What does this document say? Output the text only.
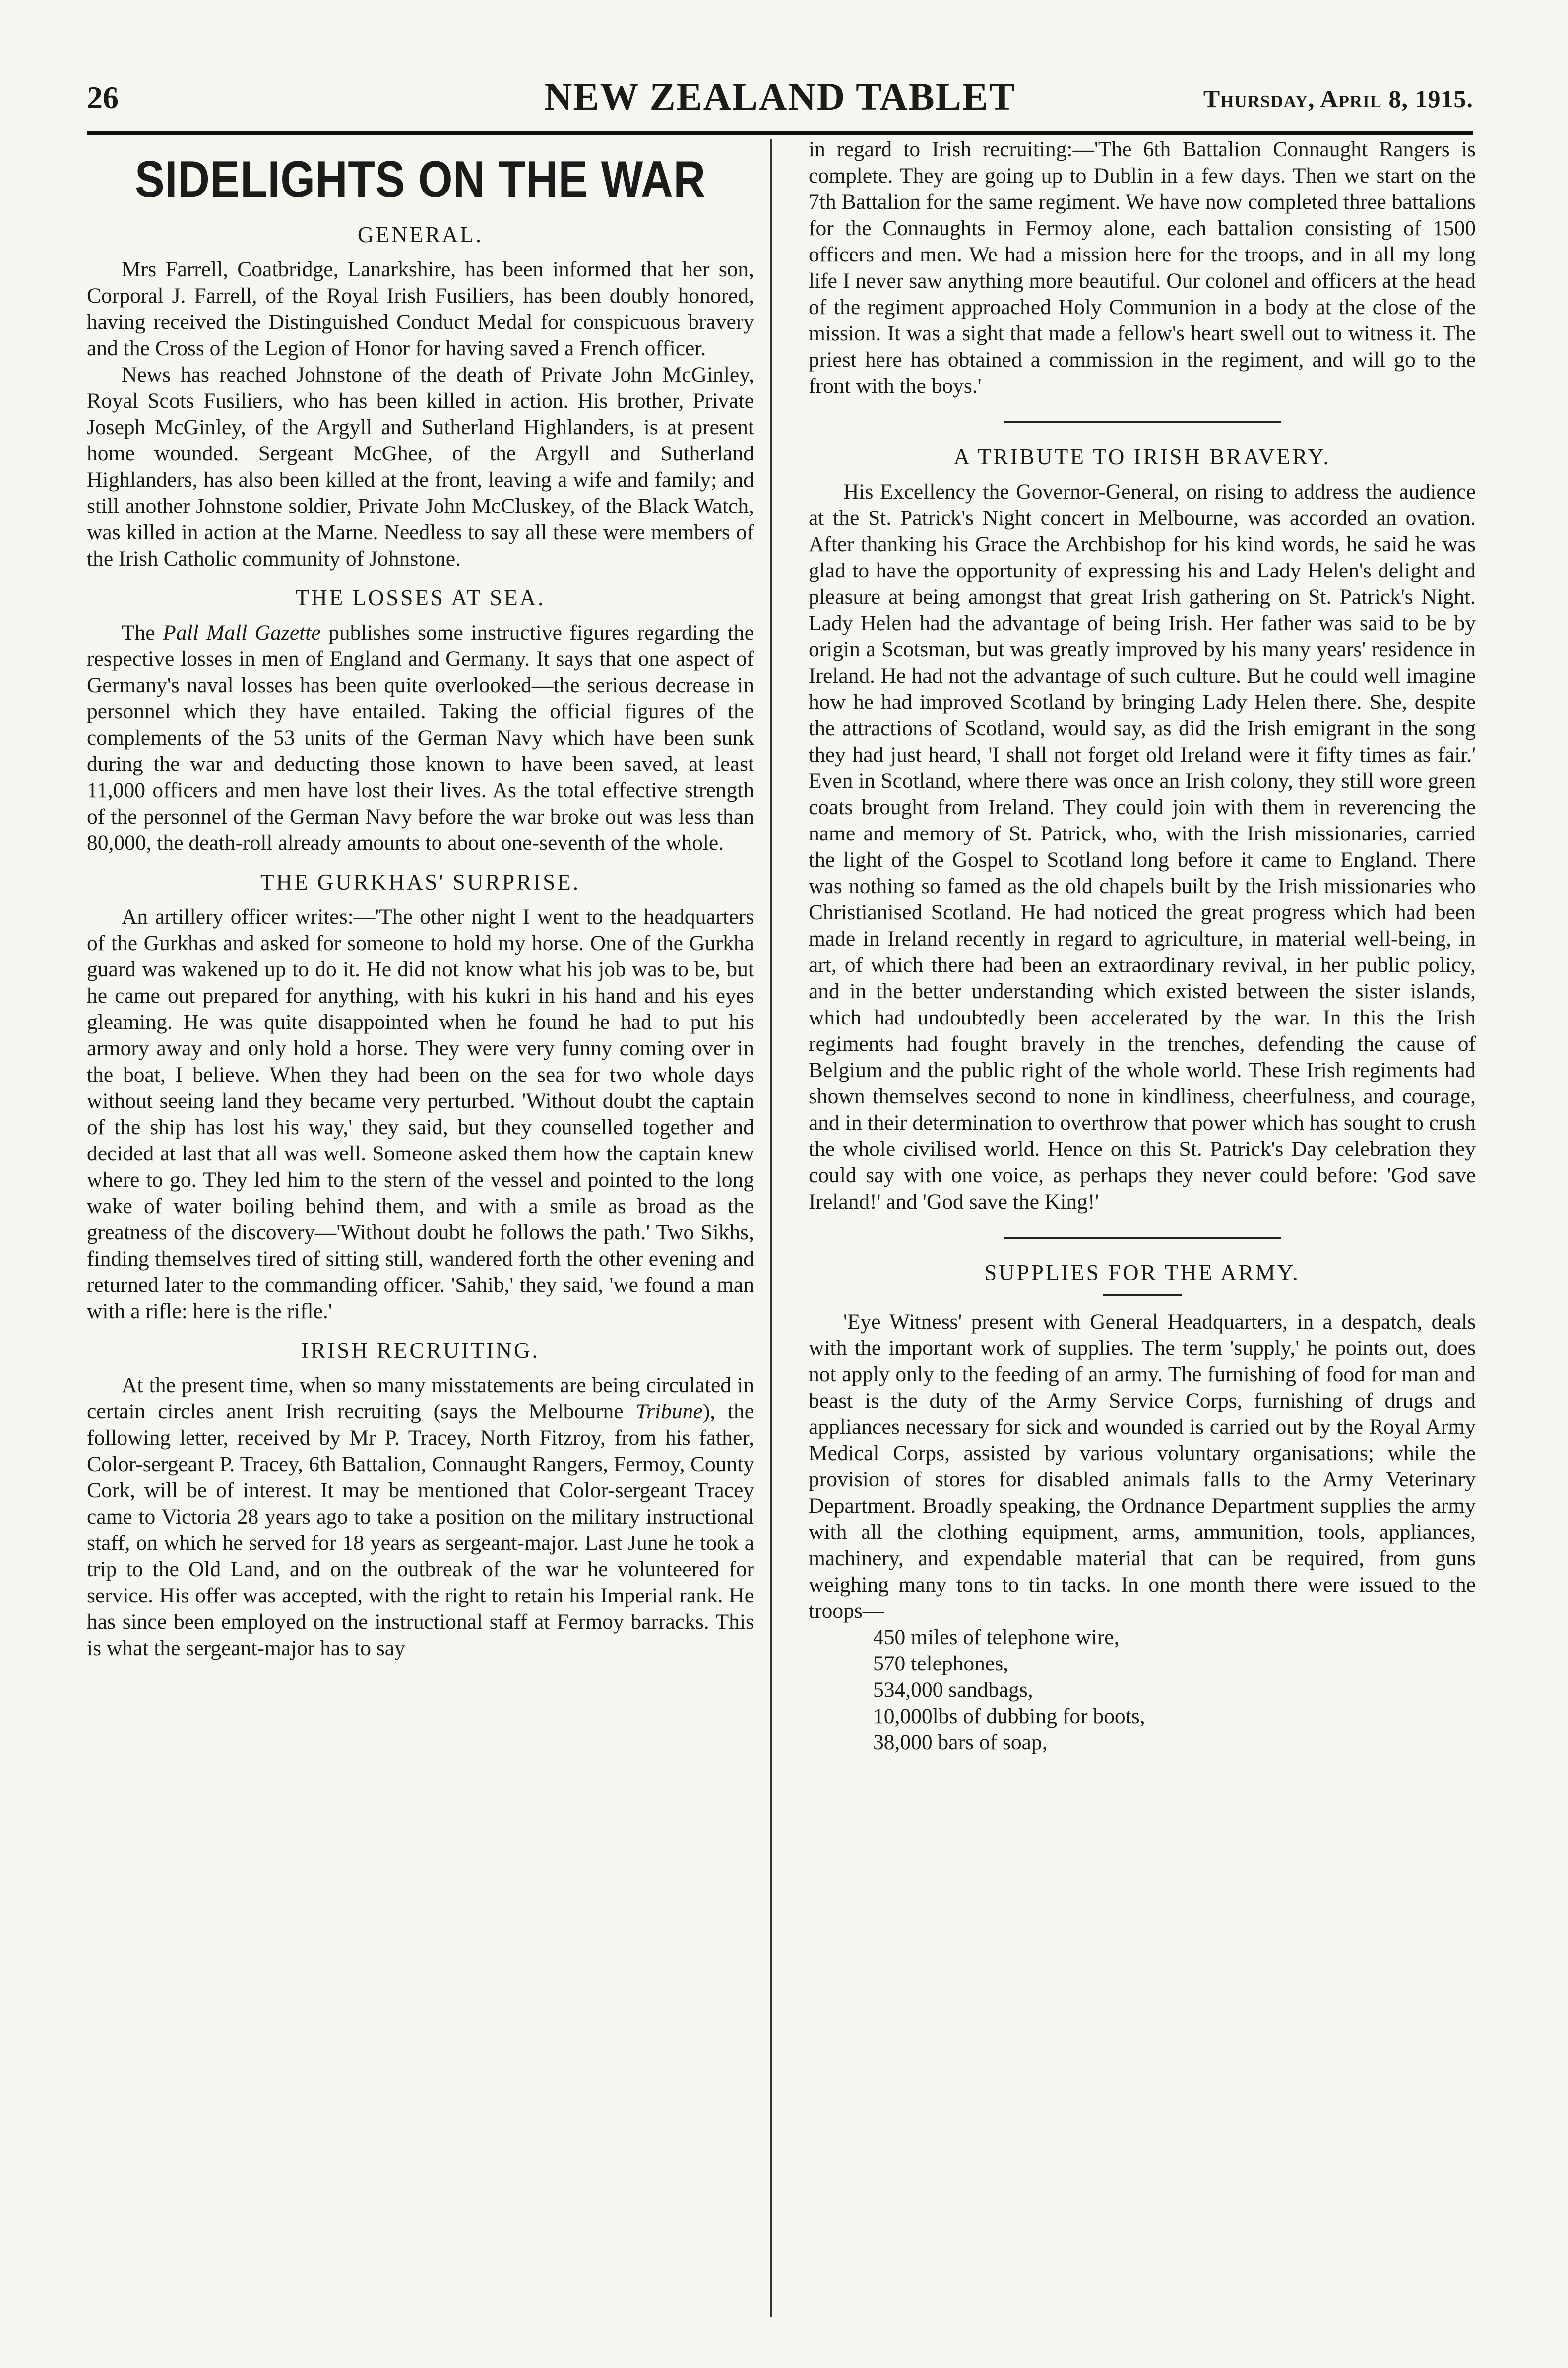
26	NEW ZEALAND TABLET	Thursday, April 8, 1915.
SIDELIGHTS ON THE WAR
GENERAL.

Mrs Farrell, Coatbridge, Lanarkshire, has been informed that her son, Corporal J. Farrell, of the Royal Irish Fusiliers, has been doubly honored, having received the Distinguished Conduct Medal for conspicuous bravery and the Cross of the Legion of Honor for having saved a French officer.

News has reached Johnstone of the death of Private John McGinley, Royal Scots Fusiliers, who has been killed in action. His brother, Private Joseph McGinley, of the Argyll and Sutherland Highlanders, is at present home wounded. Sergeant McGhee, of the Argyll and Sutherland Highlanders, has also been killed at the front, leaving a wife and family; and still another Johnstone soldier, Private John McCluskey, of the Black Watch, was killed in action at the Marne. Needless to say all these were members of the Irish Catholic community of Johnstone.

THE LOSSES AT SEA.

The Pall Mall Gazette publishes some instructive figures regarding the respective losses in men of England and Germany. It says that one aspect of Germany's naval losses has been quite overlooked—the serious decrease in personnel which they have entailed. Taking the official figures of the complements of the 53 units of the German Navy which have been sunk during the war and deducting those known to have been saved, at least 11,000 officers and men have lost their lives. As the total effective strength of the personnel of the German Navy before the war broke out was less than 80,000, the death-roll already amounts to about one-seventh of the whole.

THE GURKHAS' SURPRISE.

An artillery officer writes:—'The other night I went to the headquarters of the Gurkhas and asked for someone to hold my horse. One of the Gurkha guard was wakened up to do it. He did not know what his job was to be, but he came out prepared for anything, with his kukri in his hand and his eyes gleaming. He was quite disappointed when he found he had to put his armory away and only hold a horse. They were very funny coming over in the boat, I believe. When they had been on the sea for two whole days without seeing land they became very perturbed. 'Without doubt the captain of the ship has lost his way,' they said, but they counselled together and decided at last that all was well. Someone asked them how the captain knew where to go. They led him to the stern of the vessel and pointed to the long wake of water boiling behind them, and with a smile as broad as the greatness of the discovery—'Without doubt he follows the path.' Two Sikhs, finding themselves tired of sitting still, wandered forth the other evening and returned later to the commanding officer. 'Sahib,' they said, 'we found a man with a rifle: here is the rifle.'

IRISH RECRUITING.

At the present time, when so many misstatements are being circulated in certain circles anent Irish recruiting (says the Melbourne Tribune), the following letter, received by Mr P. Tracey, North Fitzroy, from his father, Color-sergeant P. Tracey, 6th Battalion, Connaught Rangers, Fermoy, County Cork, will be of interest. It may be mentioned that Color-sergeant Tracey came to Victoria 28 years ago to take a position on the military instructional staff, on which he served for 18 years as sergeant-major. Last June he took a trip to the Old Land, and on the outbreak of the war he volunteered for service. His offer was accepted, with the right to retain his Imperial rank. He has since been employed on the instructional staff at Fermoy barracks. This is what the sergeant-major has to say

in regard to Irish recruiting:—'The 6th Battalion Connaught Rangers is complete. They are going up to Dublin in a few days. Then we start on the 7th Battalion for the same regiment. We have now completed three battalions for the Connaughts in Fermoy alone, each battalion consisting of 1500 officers and men. We had a mission here for the troops, and in all my long life I never saw anything more beautiful. Our colonel and officers at the head of the regiment approached Holy Communion in a body at the close of the mission. It was a sight that made a fellow's heart swell out to witness it. The priest here has obtained a commission in the regiment, and will go to the front with the boys.'

A TRIBUTE TO IRISH BRAVERY.

His Excellency the Governor-General, on rising to address the audience at the St. Patrick's Night concert in Melbourne, was accorded an ovation. After thanking his Grace the Archbishop for his kind words, he said he was glad to have the opportunity of expressing his and Lady Helen's delight and pleasure at being amongst that great Irish gathering on St. Patrick's Night. Lady Helen had the advantage of being Irish. Her father was said to be by origin a Scotsman, but was greatly improved by his many years' residence in Ireland. He had not the advantage of such culture. But he could well imagine how he had improved Scotland by bringing Lady Helen there. She, despite the attractions of Scotland, would say, as did the Irish emigrant in the song they had just heard, 'I shall not forget old Ireland were it fifty times as fair.' Even in Scotland, where there was once an Irish colony, they still wore green coats brought from Ireland. They could join with them in reverencing the name and memory of St. Patrick, who, with the Irish missionaries, carried the light of the Gospel to Scotland long before it came to England. There was nothing so famed as the old chapels built by the Irish missionaries who Christianised Scotland. He had noticed the great progress which had been made in Ireland recently in regard to agriculture, in material well-being, in art, of which there had been an extraordinary revival, in her public policy, and in the better understanding which existed between the sister islands, which had undoubtedly been accelerated by the war. In this the Irish regiments had fought bravely in the trenches, defending the cause of Belgium and the public right of the whole world. These Irish regiments had shown themselves second to none in kindliness, cheerfulness, and courage, and in their determination to overthrow that power which has sought to crush the whole civilised world. Hence on this St. Patrick's Day celebration they could say with one voice, as perhaps they never could before: 'God save Ireland!' and 'God save the King!'

SUPPLIES FOR THE ARMY.

'Eye Witness' present with General Headquarters, in a despatch, deals with the important work of supplies. The term 'supply,' he points out, does not apply only to the feeding of an army. The furnishing of food for man and beast is the duty of the Army Service Corps, furnishing of drugs and appliances necessary for sick and wounded is carried out by the Royal Army Medical Corps, assisted by various voluntary organisations; while the provision of stores for disabled animals falls to the Army Veterinary Department. Broadly speaking, the Ordnance Department supplies the army with all the clothing equipment, arms, ammunition, tools, appliances, machinery, and expendable material that can be required, from guns weighing many tons to tin tacks. In one month there were issued to the troops—

450 miles of telephone wire,
570 telephones,
534,000 sandbags,
10,000lbs of dubbing for boots,
38,000 bars of soap,
